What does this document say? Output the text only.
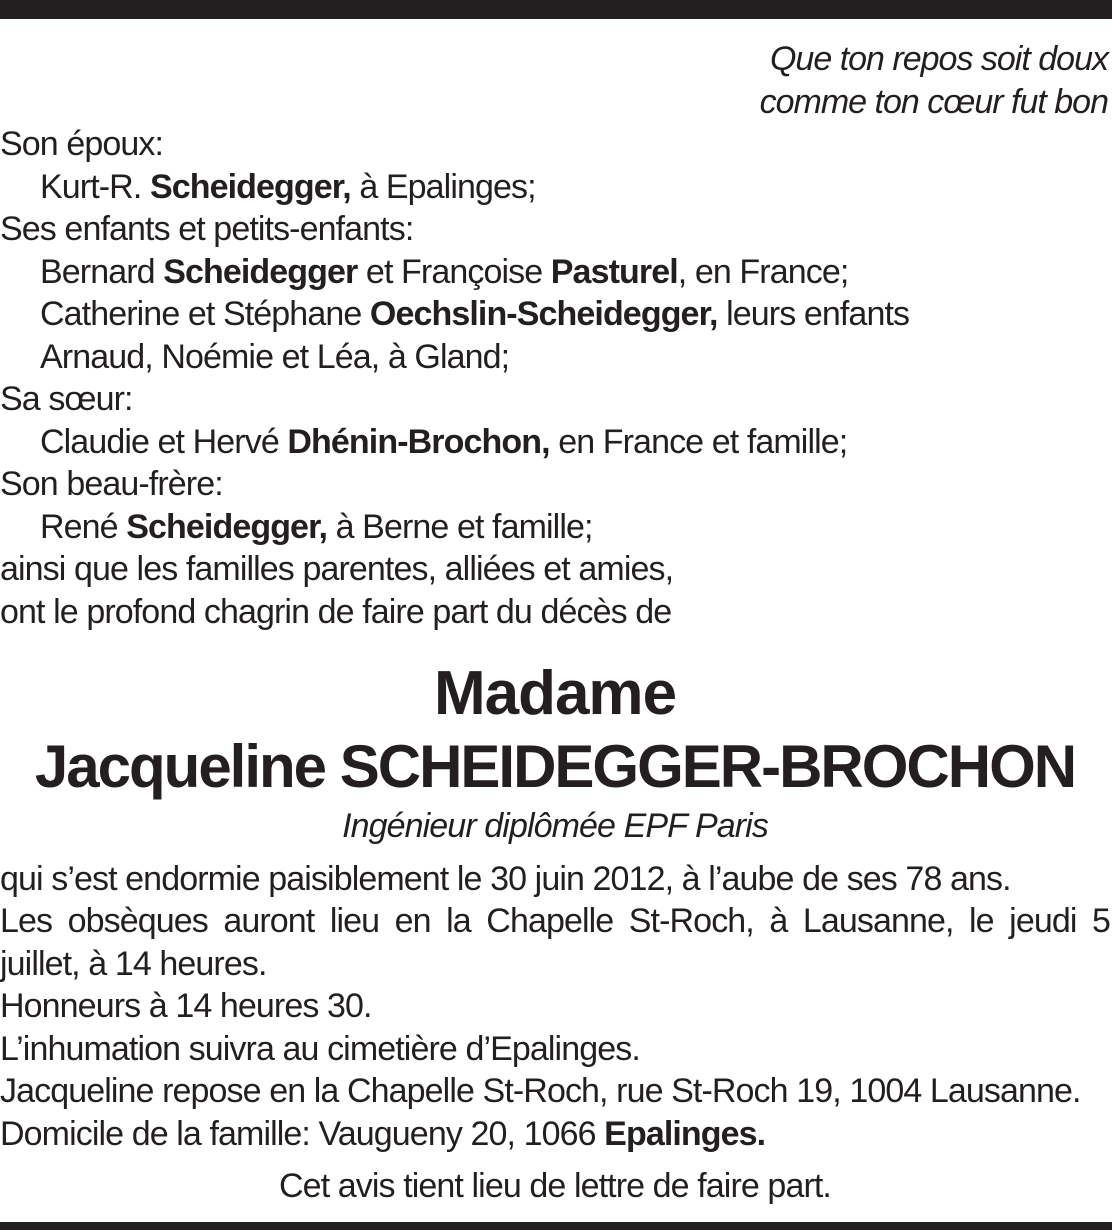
Que ton repos soit doux
comme ton cœur fut bon
Son époux:
Kurt-R. Scheidegger, à Epalinges;
Ses enfants et petits-enfants:
Bernard Scheidegger et Françoise Pasturel, en France;
Catherine et Stéphane Oechslin-Scheidegger, leurs enfants
Arnaud, Noémie et Léa, à Gland;
Sa sœur:
Claudie et Hervé Dhénin-Brochon, en France et famille;
Son beau-frère:
René Scheidegger, à Berne et famille;
ainsi que les familles parentes, alliées et amies,
ont le profond chagrin de faire part du décès de
Madame
Jacqueline SCHEIDEGGER-BROCHON
Ingénieur diplômée EPF Paris
qui s’est endormie paisiblement le 30 juin 2012, à l’aube de ses 78 ans.
Les obsèques auront lieu en la Chapelle St-Roch, à Lausanne, le jeudi 5 juillet, à 14 heures.
Honneurs à 14 heures 30.
L’inhumation suivra au cimetière d’Epalinges.
Jacqueline repose en la Chapelle St-Roch, rue St-Roch 19, 1004 Lausanne.
Domicile de la famille: Vaugueny 20, 1066 Epalinges.
Cet avis tient lieu de lettre de faire part.
